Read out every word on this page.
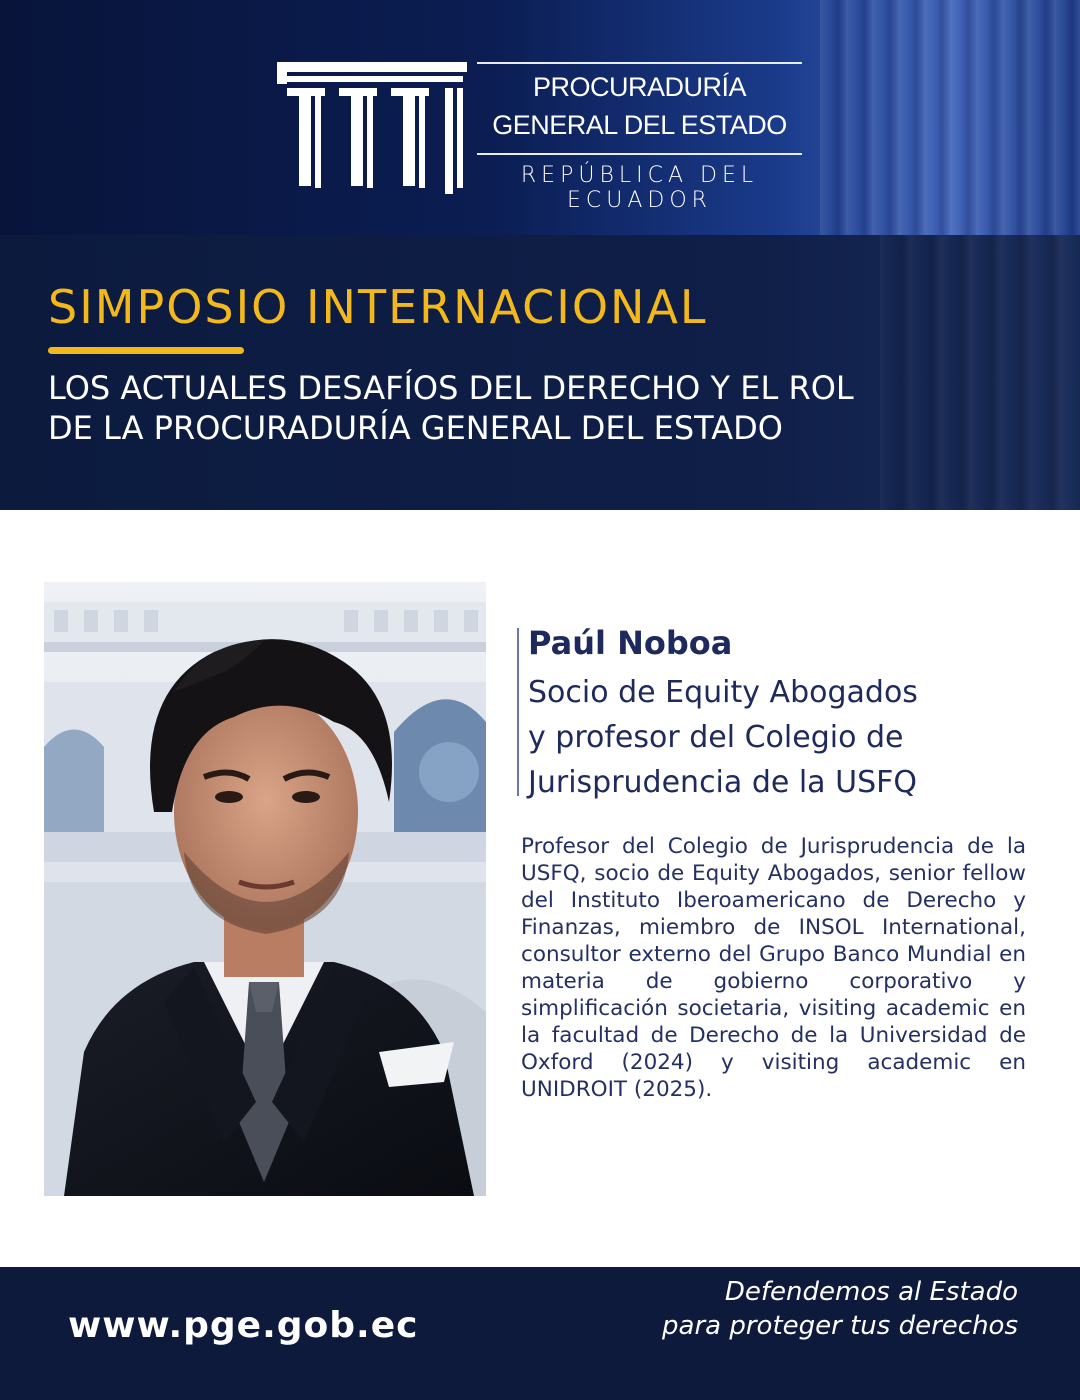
PROCURADURÍA
GENERAL DEL ESTADO
REPÚBLICA DEL ECUADOR
SIMPOSIO INTERNACIONAL
LOS ACTUALES DESAFÍOS DEL DERECHO Y EL ROL
DE LA PROCURADURÍA GENERAL DEL ESTADO
Paúl Noboa
Socio de Equity Abogados
y profesor del Colegio de
Jurisprudencia de la USFQ
Profesor del Colegio de Jurisprudencia de la USFQ, socio de Equity Abogados, senior fellow del Instituto Iberoamericano de Derecho y Finanzas, miembro de INSOL International, consultor externo del Grupo Banco Mundial en materia de gobierno corporativo y simplificación societaria, visiting academic en la facultad de Derecho de la Universidad de Oxford (2024) y visiting academic en UNIDROIT (2025).
www.pge.gob.ec
Defendemos al Estado
para proteger tus derechos
